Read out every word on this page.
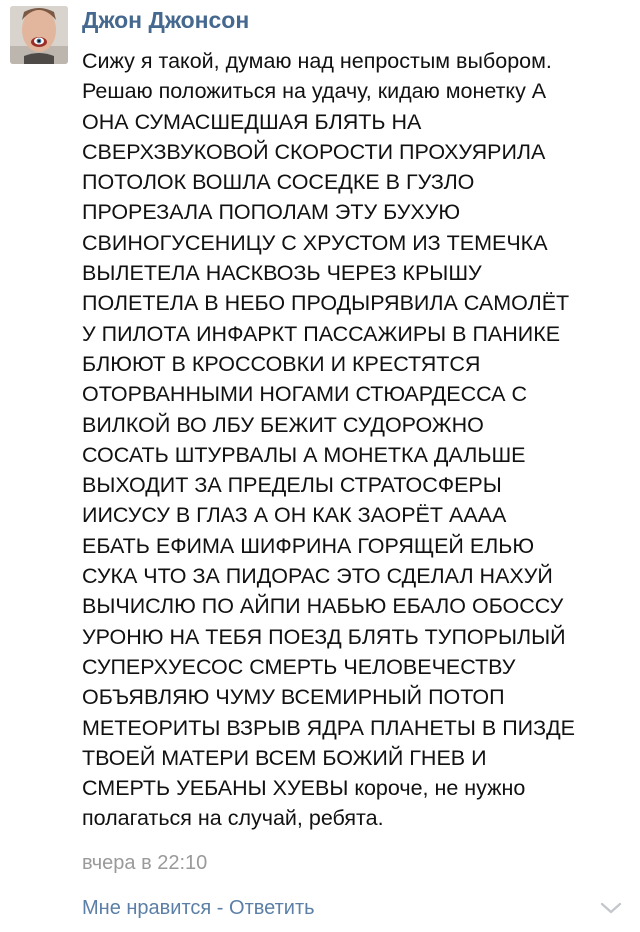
Джон Джонсон
Сижу я такой, думаю над непростым выбором.
Решаю положиться на удачу, кидаю монетку А
ОНА СУМАСШЕДШАЯ БЛЯТЬ НА
СВЕРХЗВУКОВОЙ СКОРОСТИ ПРОХУЯРИЛА
ПОТОЛОК ВОШЛА СОСЕДКЕ В ГУЗЛО
ПРОРЕЗАЛА ПОПОЛАМ ЭТУ БУХУЮ
СВИНОГУСЕНИЦУ С ХРУСТОМ ИЗ ТЕМЕЧКА
ВЫЛЕТЕЛА НАСКВОЗЬ ЧЕРЕЗ КРЫШУ
ПОЛЕТЕЛА В НЕБО ПРОДЫРЯВИЛА САМОЛЁТ
У ПИЛОТА ИНФАРКТ ПАССАЖИРЫ В ПАНИКЕ
БЛЮЮТ В КРОССОВКИ И КРЕСТЯТСЯ
ОТОРВАННЫМИ НОГАМИ СТЮАРДЕССА С
ВИЛКОЙ ВО ЛБУ БЕЖИТ СУДОРОЖНО
СОСАТЬ ШТУРВАЛЫ А МОНЕТКА ДАЛЬШЕ
ВЫХОДИТ ЗА ПРЕДЕЛЫ СТРАТОСФЕРЫ
ИИСУСУ В ГЛАЗ А ОН КАК ЗАОРЁТ АААА
ЕБАТЬ ЕФИМА ШИФРИНА ГОРЯЩЕЙ ЕЛЬЮ
СУКА ЧТО ЗА ПИДОРАС ЭТО СДЕЛАЛ НАХУЙ
ВЫЧИСЛЮ ПО АЙПИ НАБЬЮ ЕБАЛО ОБОССУ
УРОНЮ НА ТЕБЯ ПОЕЗД БЛЯТЬ ТУПОРЫЛЫЙ
СУПЕРХУЕСОС СМЕРТЬ ЧЕЛОВЕЧЕСТВУ
ОБЪЯВЛЯЮ ЧУМУ ВСЕМИРНЫЙ ПОТОП
МЕТЕОРИТЫ ВЗРЫВ ЯДРА ПЛАНЕТЫ В ПИЗДЕ
ТВОЕЙ МАТЕРИ ВСЕМ БОЖИЙ ГНЕВ И
СМЕРТЬ УЕБАНЫ ХУЕВЫ короче, не нужно
полагаться на случай, ребята.
вчера в 22:10
Мне нравится - Ответить
